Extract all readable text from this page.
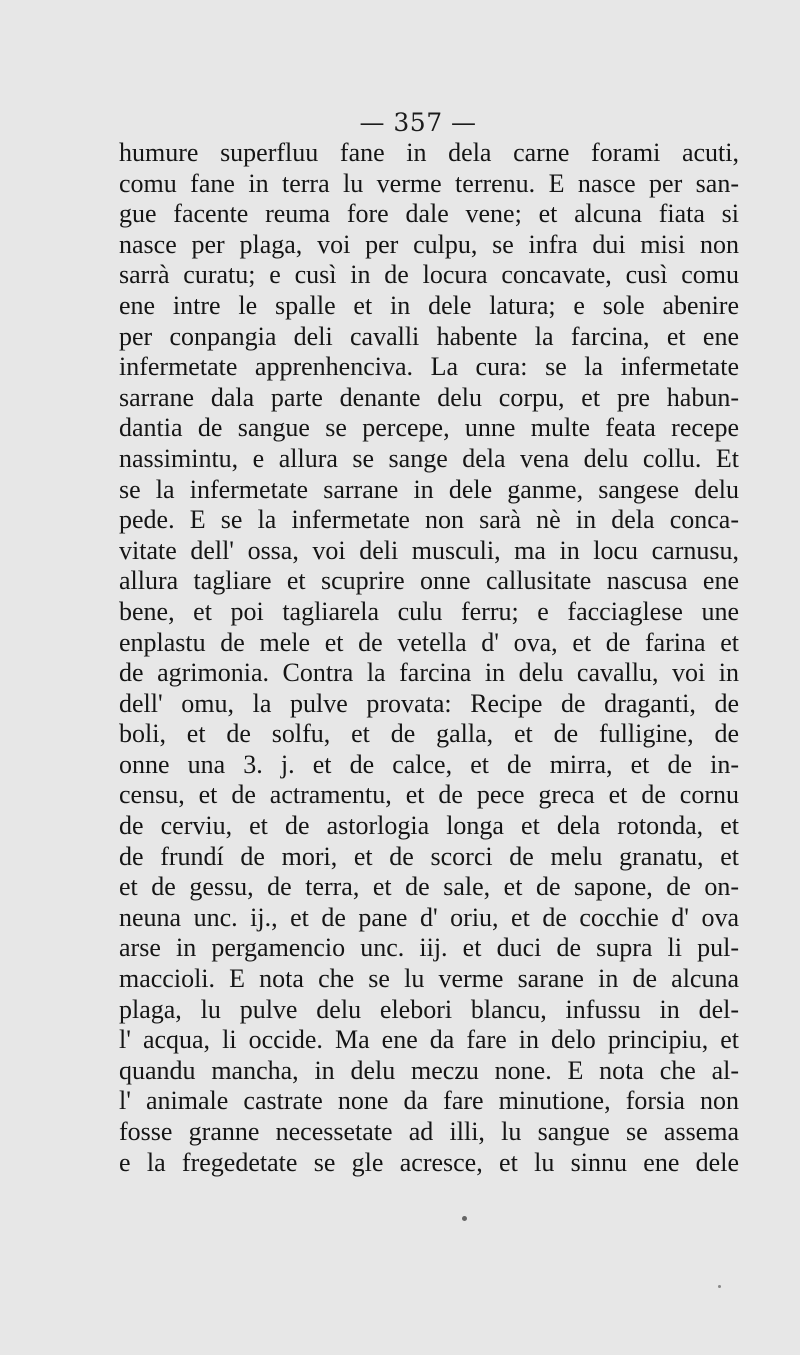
— 357 —
humure superfluu fane in dela carne forami acuti,
comu fane in terra lu verme terrenu. E nasce per san-
gue facente reuma fore dale vene; et alcuna fiata si
nasce per plaga, voi per culpu, se infra dui misi non
sarrà curatu; e cusì in de locura concavate, cusì comu
ene intre le spalle et in dele latura; e sole abenire
per conpangia deli cavalli habente la farcina, et ene
infermetate apprenhenciva. La cura: se la infermetate
sarrane dala parte denante delu corpu, et pre habun-
dantia de sangue se percepe, unne multe feata recepe
nassimintu, e allura se sange dela vena delu collu. Et
se la infermetate sarrane in dele ganme, sangese delu
pede. E se la infermetate non sarà nè in dela conca-
vitate dell' ossa, voi deli musculi, ma in locu carnusu,
allura tagliare et scuprire onne callusitate nascusa ene
bene, et poi tagliarela culu ferru; e facciaglese une
enplastu de mele et de vetella d' ova, et de farina et
de agrimonia. Contra la farcina in delu cavallu, voi in
dell' omu, la pulve provata: Recipe de draganti, de
boli, et de solfu, et de galla, et de fulligine, de
onne una 3. j. et de calce, et de mirra, et de in-
censu, et de actramentu, et de pece greca et de cornu
de cerviu, et de astorlogia longa et dela rotonda, et
de frundí de mori, et de scorci de melu granatu, et
et de gessu, de terra, et de sale, et de sapone, de on-
neuna unc. ij., et de pane d' oriu, et de cocchie d' ova
arse in pergamencio unc. iij. et duci de supra li pul-
maccioli. E nota che se lu verme sarane in de alcuna
plaga, lu pulve delu elebori blancu, infussu in del-
l' acqua, li occide. Ma ene da fare in delo principiu, et
quandu mancha, in delu meczu none. E nota che al-
l' animale castrate none da fare minutione, forsia non
fosse granne necessetate ad illi, lu sangue se assema
e la fregedetate se gle acresce, et lu sinnu ene dele
